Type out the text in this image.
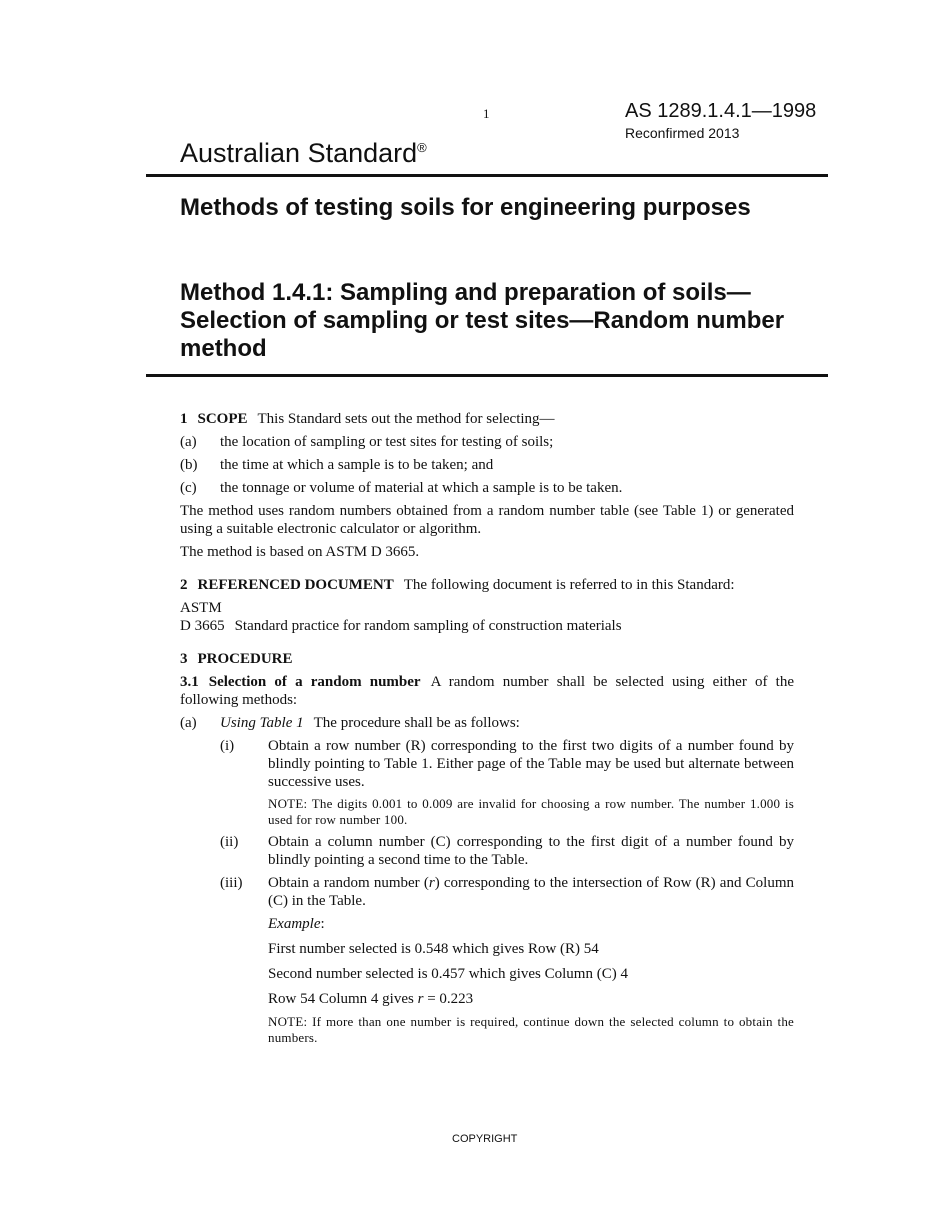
1	AS 1289.1.4.1—1998
Reconfirmed 2013
Australian Standard®
Methods of testing soils for engineering purposes
Method 1.4.1: Sampling and preparation of soils—Selection of sampling or test sites—Random number method

1 SCOPE This Standard sets out the method for selecting—

(a)	the location of sampling or test sites for testing of soils;
(b)	the time at which a sample is to be taken; and
(c)	the tonnage or volume of material at which a sample is to be taken.

The method uses random numbers obtained from a random number table (see Table 1) or generated using a suitable electronic calculator or algorithm.

The method is based on ASTM D 3665.

2 REFERENCED DOCUMENT The following document is referred to in this Standard:

ASTM

D 3665 Standard practice for random sampling of construction materials

3 PROCEDURE

3.1 Selection of a random number A random number shall be selected using either of the following methods:

(a)	Using Table 1 The procedure shall be as follows:
(i)	Obtain a row number (R) corresponding to the first two digits of a number found by blindly pointing to Table 1. Either page of the Table may be used but alternate between successive uses.

NOTE: The digits 0.001 to 0.009 are invalid for choosing a row number. The number 1.000 is used for row number 100.

(ii)	Obtain a column number (C) corresponding to the first digit of a number found by blindly pointing a second time to the Table.
(iii)	Obtain a random number (r) corresponding to the intersection of Row (R) and Column (C) in the Table.

Example:

First number selected is 0.548 which gives Row (R) 54

Second number selected is 0.457 which gives Column (C) 4

Row 54 Column 4 gives r = 0.223

NOTE: If more than one number is required, continue down the selected column to obtain the numbers.

COPYRIGHT
